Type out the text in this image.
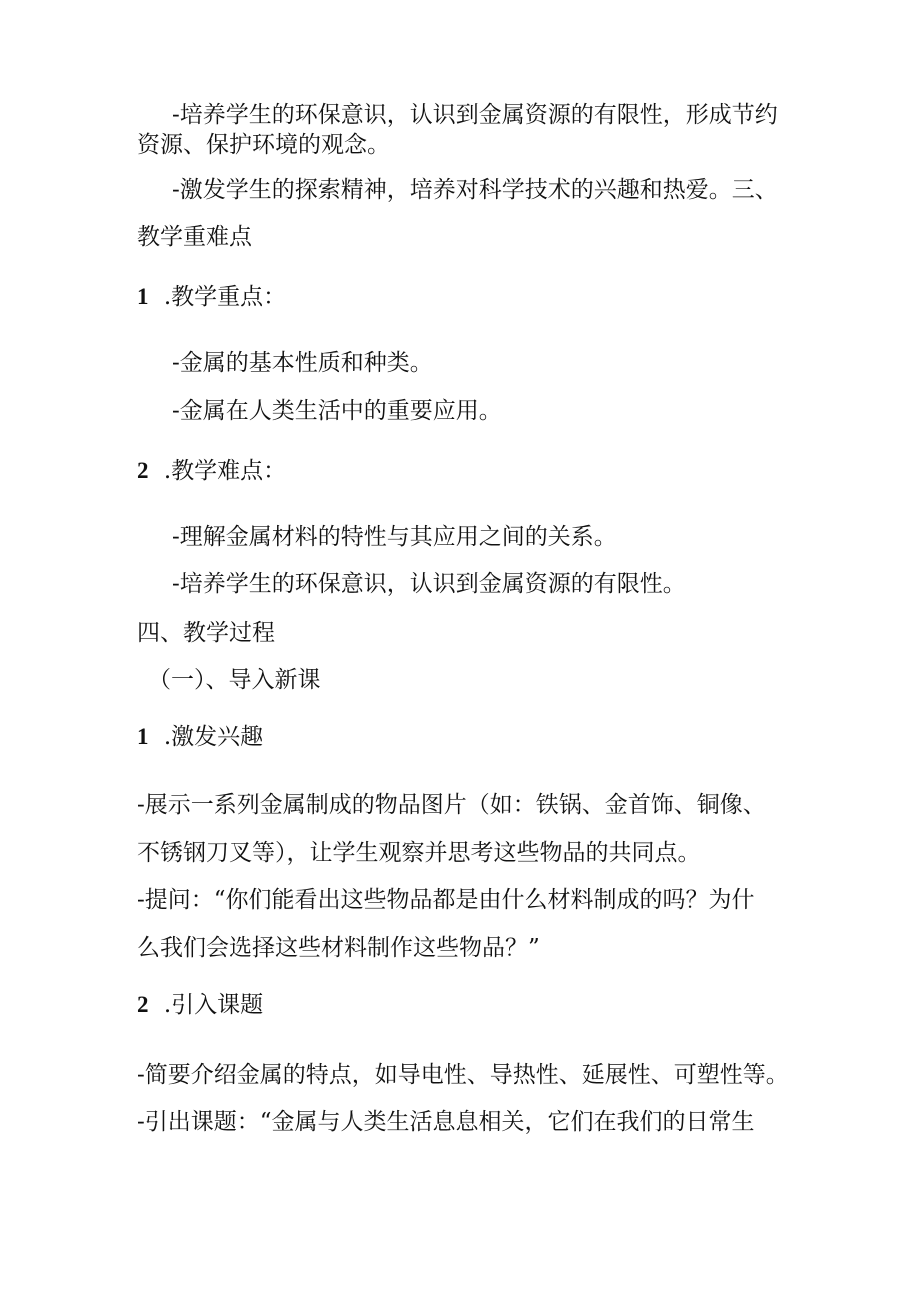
-培养学生的环保意识，认识到金属资源的有限性，形成节约
资源、保护环境的观念。
-激发学生的探索精神，培养对科学技术的兴趣和热爱。三、
教学重难点
1 .教学重点：
-金属的基本性质和种类。
-金属在人类生活中的重要应用。
2 .教学难点：
-理解金属材料的特性与其应用之间的关系。
-培养学生的环保意识，认识到金属资源的有限性。
四、教学过程
（一）、导入新课
1 .激发兴趣
-展示一系列金属制成的物品图片（如：铁锅、金首饰、铜像、
不锈钢刀叉等），让学生观察并思考这些物品的共同点。
-提问：“你们能看出这些物品都是由什么材料制成的吗？为什
么我们会选择这些材料制作这些物品？”
2 .引入课题
-简要介绍金属的特点，如导电性、导热性、延展性、可塑性等。
-引出课题：“金属与人类生活息息相关，它们在我们的日常生
